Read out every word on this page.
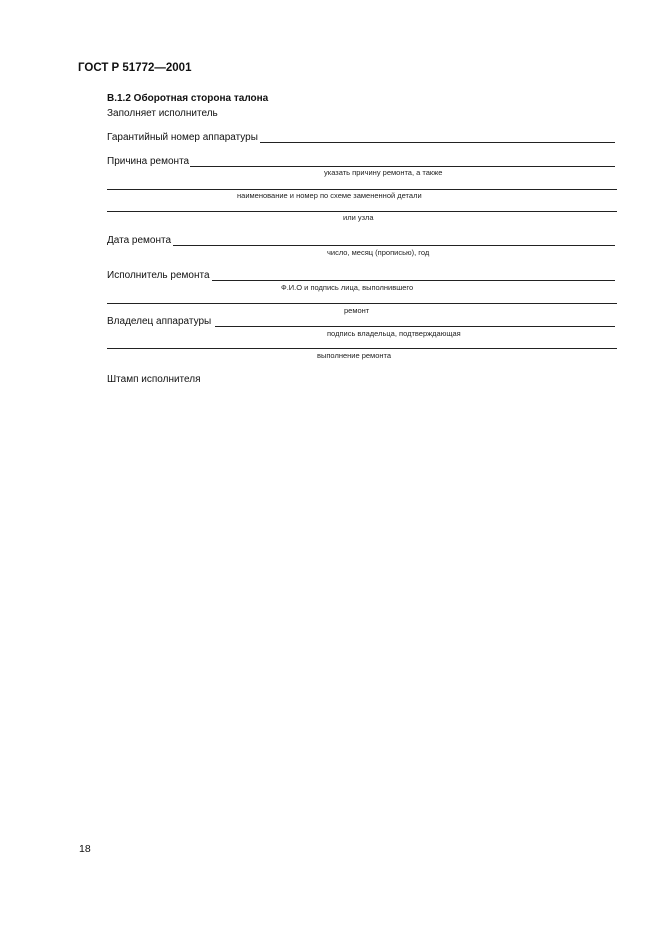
ГОСТ Р 51772—2001
В.1.2 Оборотная сторона талона
Заполняет исполнитель
Гарантийный номер аппаратуры
Причина ремонта
указать причину ремонта, а также
наименование и номер по схеме замененной детали
или узла
Дата ремонта
число, месяц (прописью), год
Исполнитель ремонта
Ф.И.О и подпись лица, выполнившего
ремонт
Владелец аппаратуры
подпись владельца, подтверждающая
выполнение ремонта
Штамп исполнителя
18
